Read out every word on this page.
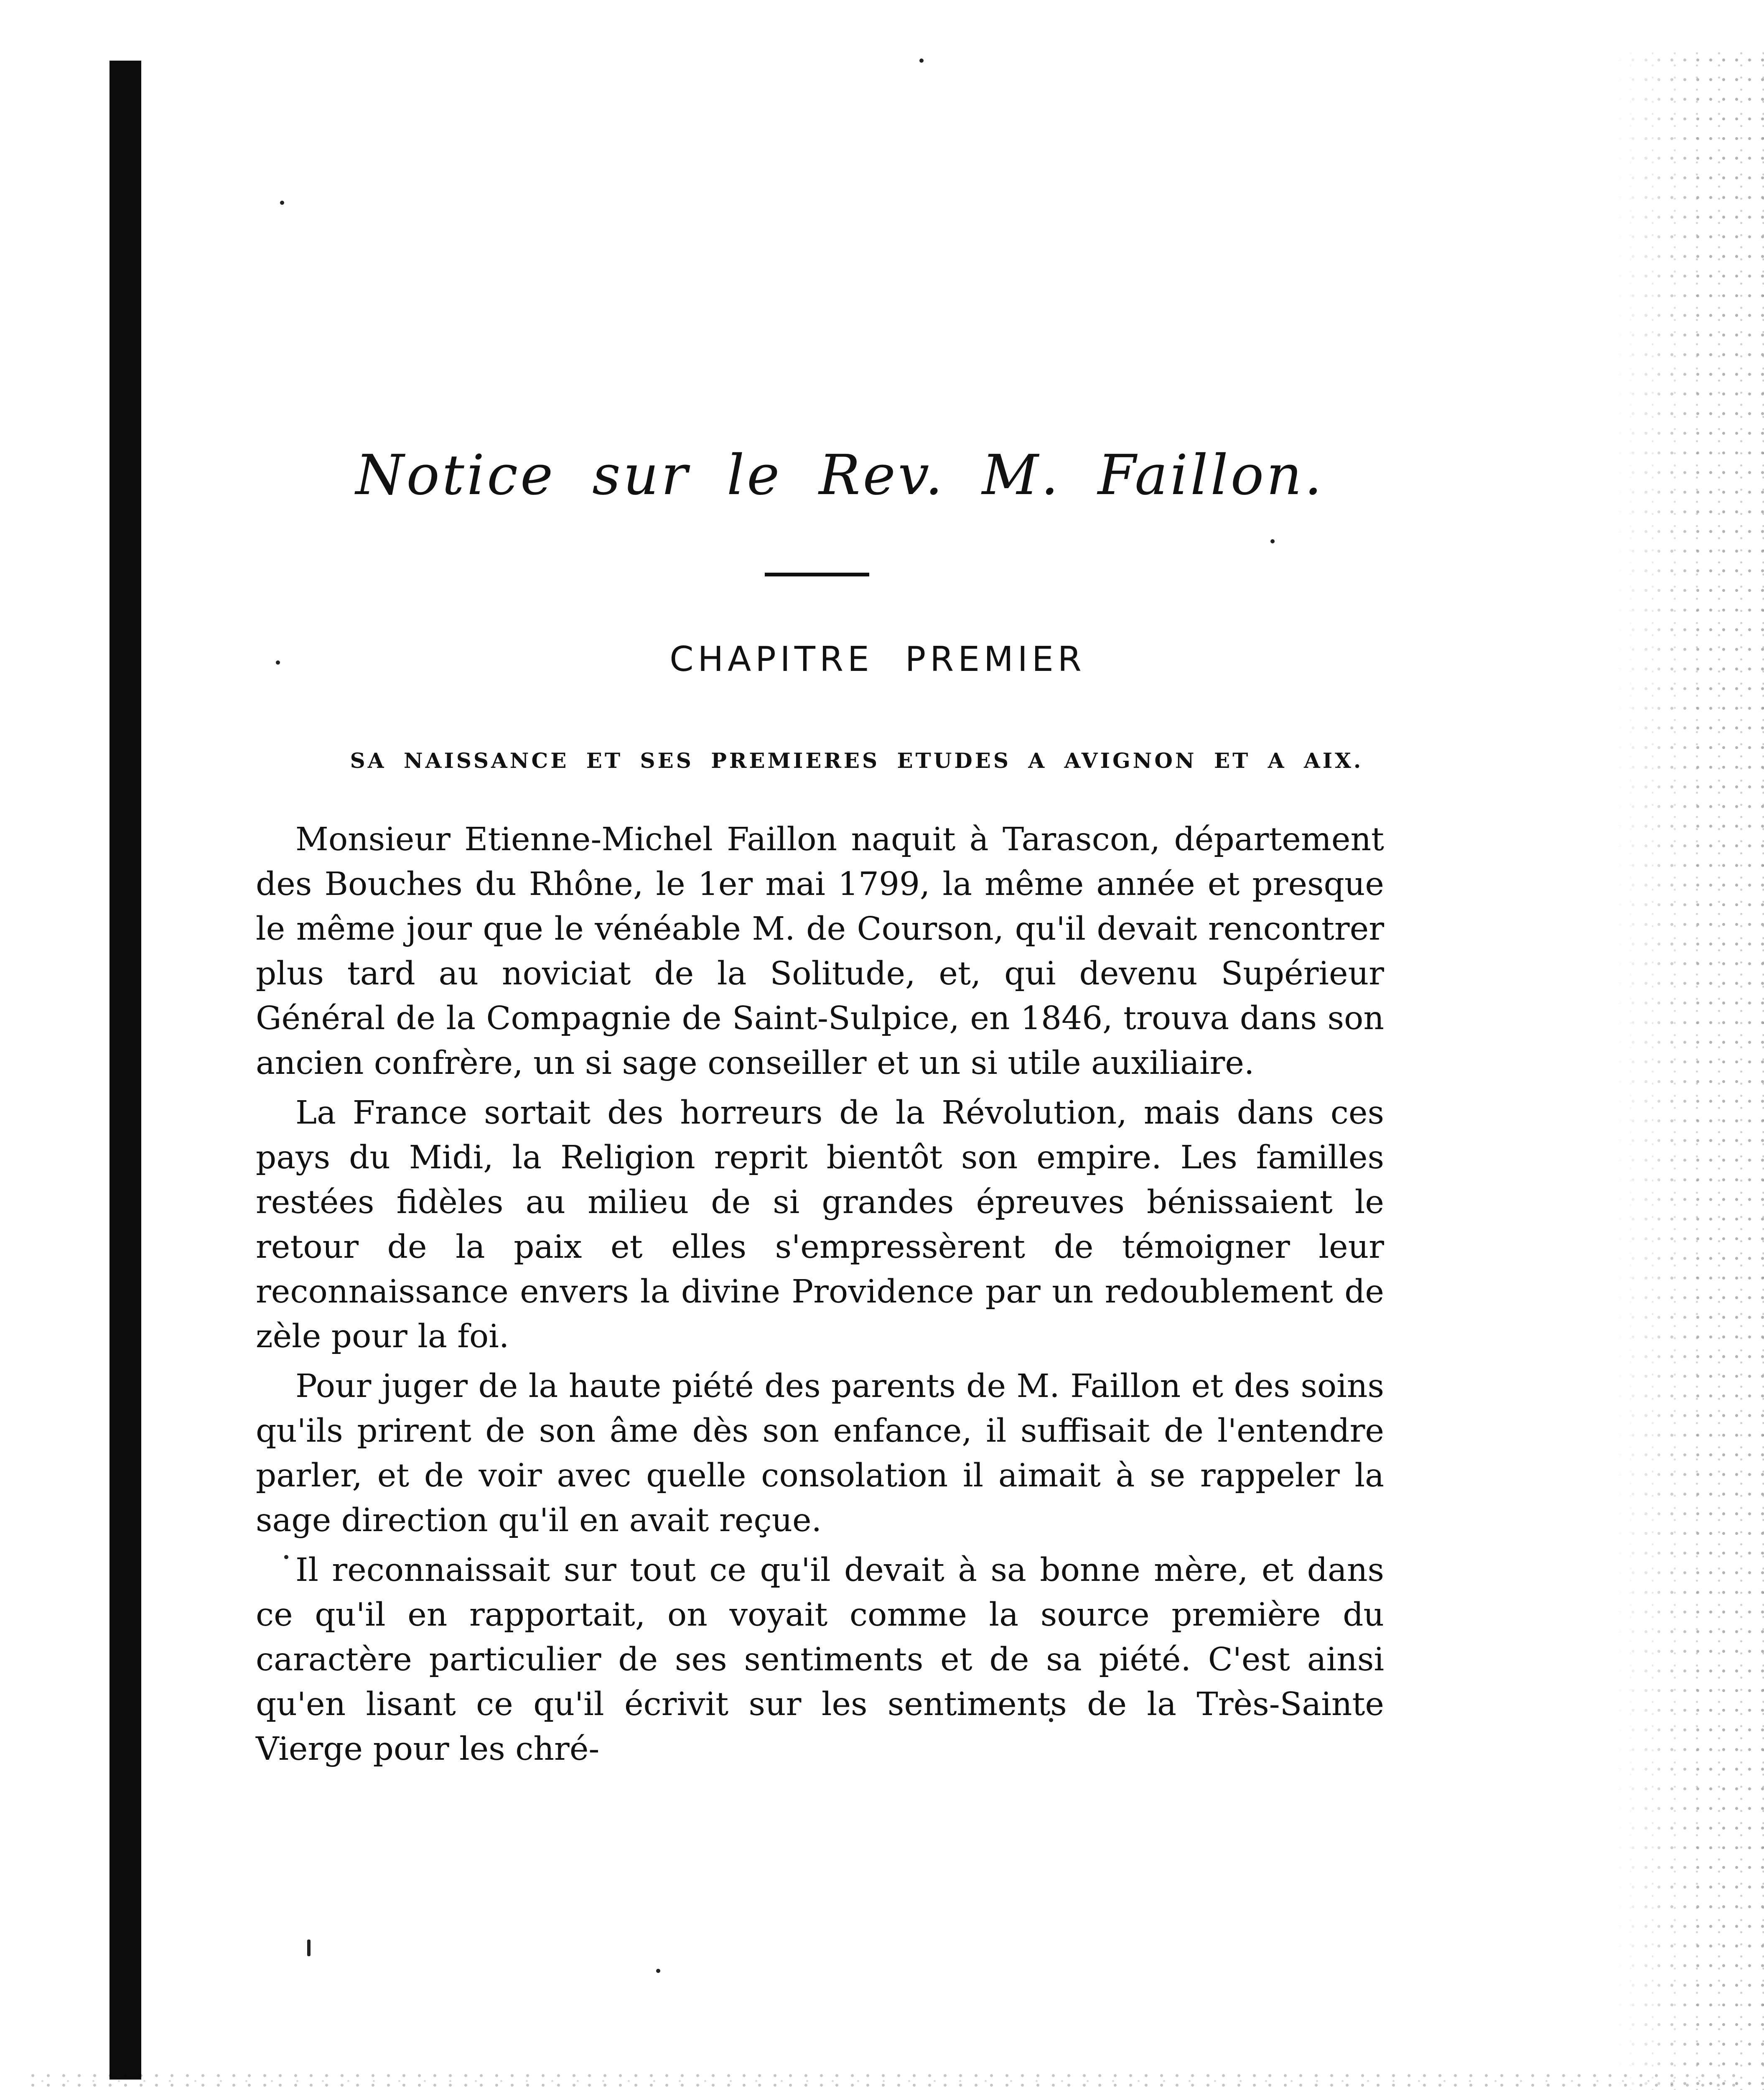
Notice sur le Rev. M. Faillon.
CHAPITRE PREMIER
SA NAISSANCE ET SES PREMIERES ETUDES A AVIGNON ET A AIX.

Monsieur Etienne-Michel Faillon naquit à Tarascon, département des Bouches du Rhône, le 1er mai 1799, la même année et presque le même jour que le vénéable M. de Courson, qu'il devait rencontrer plus tard au noviciat de la Solitude, et, qui devenu Supérieur Général de la Compagnie de Saint-Sulpice, en 1846, trouva dans son ancien confrère, un si sage conseiller et un si utile auxiliaire.

La France sortait des horreurs de la Révolution, mais dans ces pays du Midi, la Religion reprit bientôt son empire. Les familles restées fidèles au milieu de si grandes épreuves bénissaient le retour de la paix et elles s'empressèrent de témoigner leur reconnaissance envers la divine Providence par un redoublement de zèle pour la foi.

Pour juger de la haute piété des parents de M. Faillon et des soins qu'ils prirent de son âme dès son enfance, il suffisait de l'entendre parler, et de voir avec quelle consolation il aimait à se rappeler la sage direction qu'il en avait reçue.

Il reconnaissait sur tout ce qu'il devait à sa bonne mère, et dans ce qu'il en rapportait, on voyait comme la source première du caractère particulier de ses sentiments et de sa piété. C'est ainsi qu'en lisant ce qu'il écrivit sur les sentiments de la Très-Sainte Vierge pour les chré-
